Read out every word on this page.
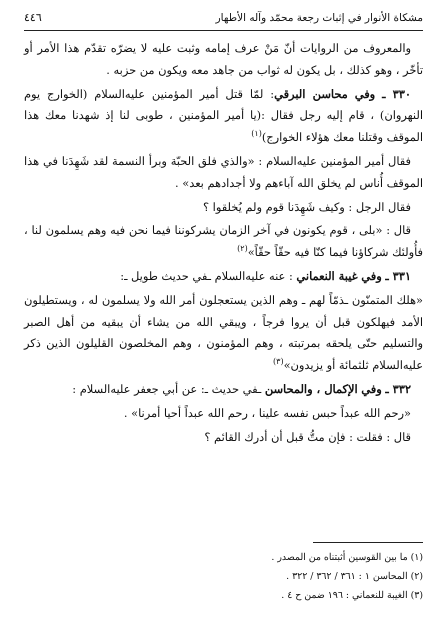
مشكاة الأنوار في إثبات رجعة محمّد وآله الأطهار
٤٤٦

والمعروف من الروايات أنّ مَنْ عرف إمامه وثبت عليه لا يضرّه تقدّم هذا الأمر أو تأخّر ، وهو كذلك ، بل يكون له ثواب من جاهد معه ويكون من حزبه .

٣٣٠ ـ وفي محاسن البرقي: لمّا قتل أمير المؤمنين عليه‌السلام (الخوارج يوم النهروان) ، قام إليه رجل فقال :(يا أمير المؤمنين ، طوبى لنا إذ شهدنا معك هذا الموقف وقتلنا معك هؤلاء الخوارج)$^{(١)}$

فقال أمير المؤمنين عليه‌السلام : «والذي فلق الحبّة وبرأ النسمة لقد شَهِدَنا في هذا الموقف أُناس لم يخلق الله آباءهم ولا أجدادهم بعد» .

فقال الرجل : وكيف شَهِدَنا قوم ولم يُخلقوا ؟

قال : «بلى ، قوم يكونون في آخر الزمان يشركوننا فيما نحن فيه وهم يسلمون لنا ، فأُولئك شركاؤنا فيما كنّا فيه حقّاً حقّاً»$^{(٢)}$

٣٣١ ـ وفي غيبة النعماني : عنه عليه‌السلام ـفي حديث طويل ـ:

«هلك المتمنّون ـذمّاً لهم ـ وهم الذين يستعجلون أمر الله ولا يسلمون له ، ويستطيلون الأمد فيهلكون قبل أن يروا فرجاً ، ويبقي الله من يشاء أن يبقيه من أهل الصبر والتسليم حتّى يلحقه بمرتبته ، وهم المؤمنون ، وهم المخلصون القليلون الذين ذكر عليه‌السلام ثلثمائة أو يزيدون»$^{(٣)}$

٣٣٢ ـ وفي الإكمال ، والمحاسن ـفي حديث ـ: عن أبي جعفر عليه‌السلام :

«رحم الله عبداً حبس نفسه علينا ، رحم الله عبداً أحيا أمرنا» .

قال : فقلت : فإن متُّ قبل أن أدرك القائم ؟

(١) ما بين القوسين أثبتناه من المصدر .
(٢) المحاسن ١ : ٣٦١ / ٣٦٢ / ٣٢٢ .
(٣) الغيبة للنعماني : ١٩٦ ضمن ح ٤ .
